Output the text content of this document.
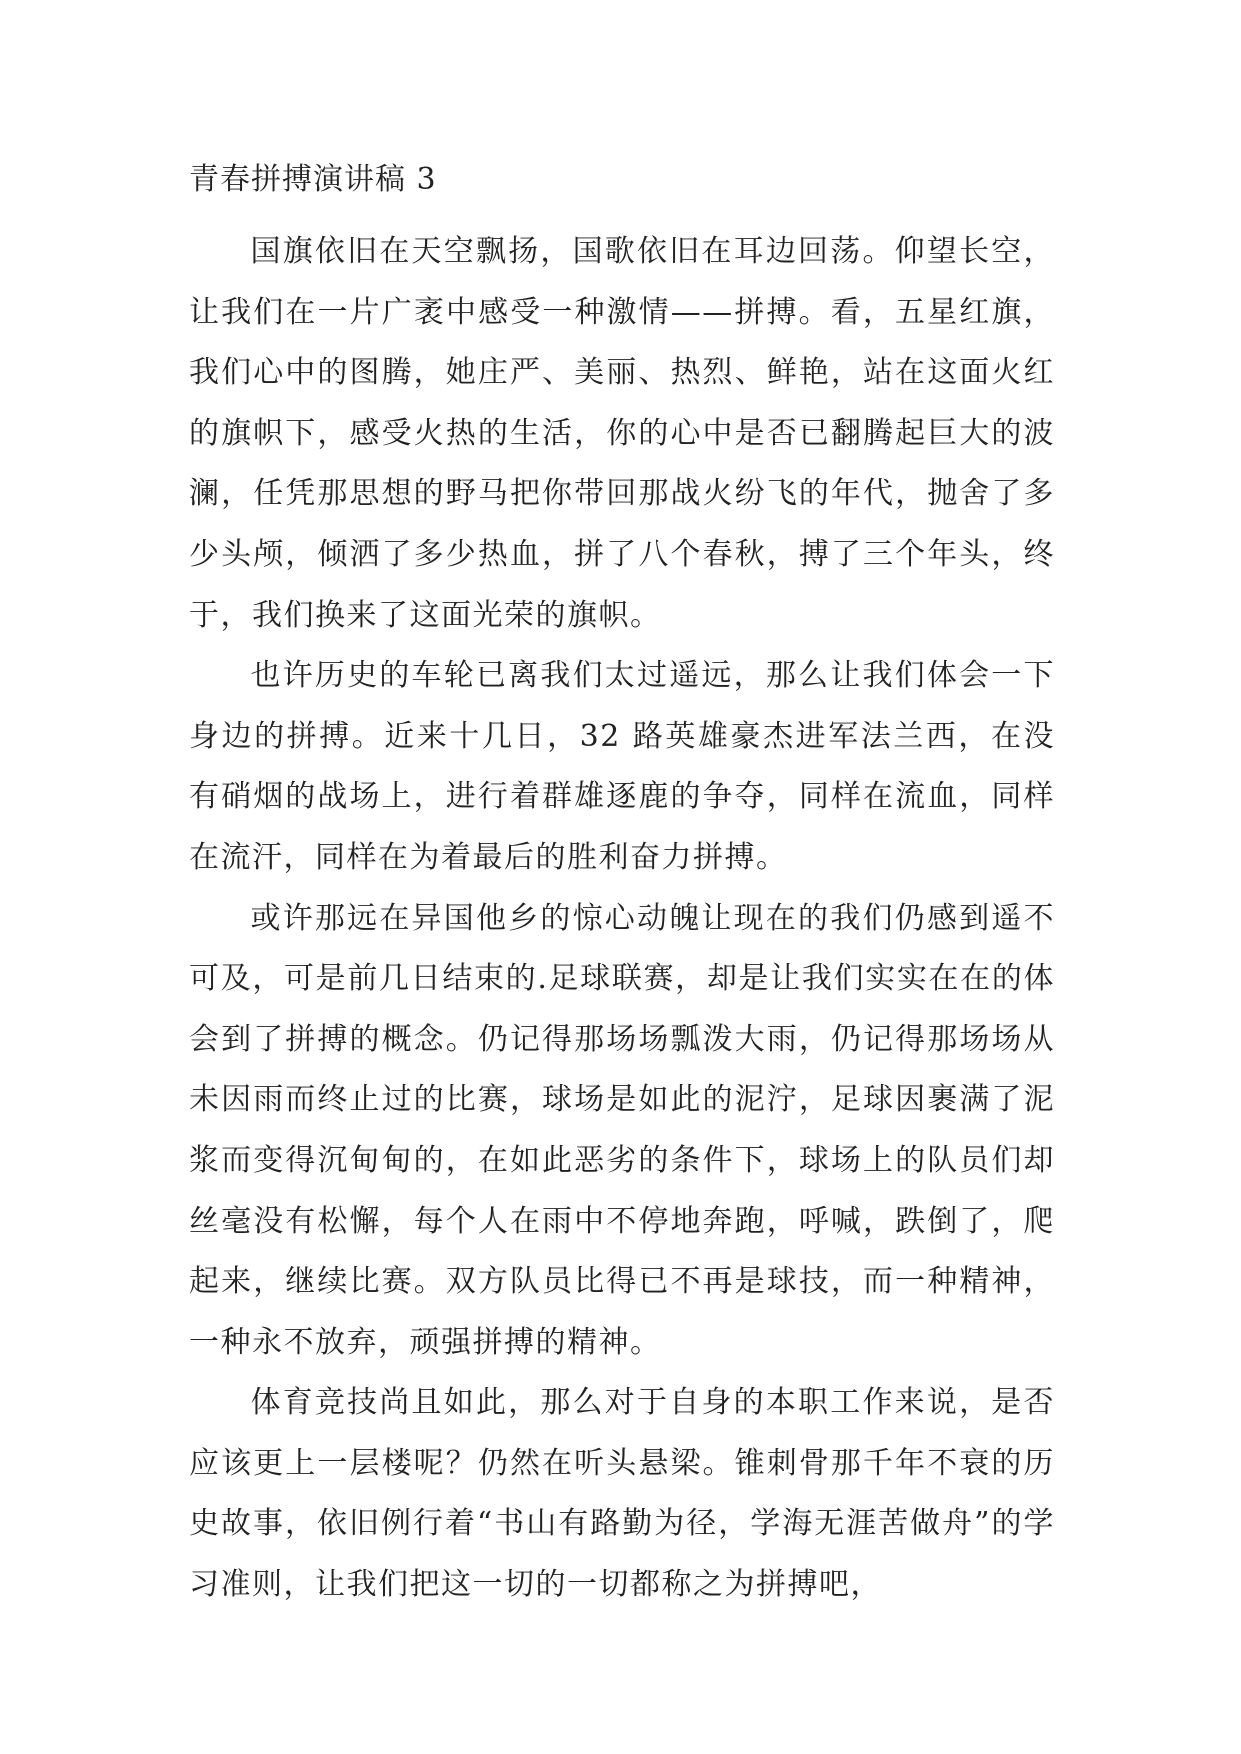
青春拼搏演讲稿 3

国旗依旧在天空飘扬，国歌依旧在耳边回荡。仰望长空，让我们在一片广袤中感受一种激情——拼搏。看，五星红旗，我们心中的图腾，她庄严、美丽、热烈、鲜艳，站在这面火红的旗帜下，感受火热的生活，你的心中是否已翻腾起巨大的波澜，任凭那思想的野马把你带回那战火纷飞的年代，抛舍了多少头颅，倾洒了多少热血，拼了八个春秋，搏了三个年头，终于，我们换来了这面光荣的旗帜。

也许历史的车轮已离我们太过遥远，那么让我们体会一下身边的拼搏。近来十几日，32 路英雄豪杰进军法兰西，在没有硝烟的战场上，进行着群雄逐鹿的争夺，同样在流血，同样在流汗，同样在为着最后的胜利奋力拼搏。

或许那远在异国他乡的惊心动魄让现在的我们仍感到遥不可及，可是前几日结束的.足球联赛，却是让我们实实在在的体会到了拼搏的概念。仍记得那场场瓢泼大雨，仍记得那场场从未因雨而终止过的比赛，球场是如此的泥泞，足球因裹满了泥浆而变得沉甸甸的，在如此恶劣的条件下，球场上的队员们却丝毫没有松懈，每个人在雨中不停地奔跑，呼喊，跌倒了，爬起来，继续比赛。双方队员比得已不再是球技，而一种精神，一种永不放弃，顽强拼搏的精神。

体育竞技尚且如此，那么对于自身的本职工作来说，是否应该更上一层楼呢？仍然在听头悬梁。锥刺骨那千年不衰的历史故事，依旧例行着“书山有路勤为径，学海无涯苦做舟”的学习准则，让我们把这一切的一切都称之为拼搏吧，
